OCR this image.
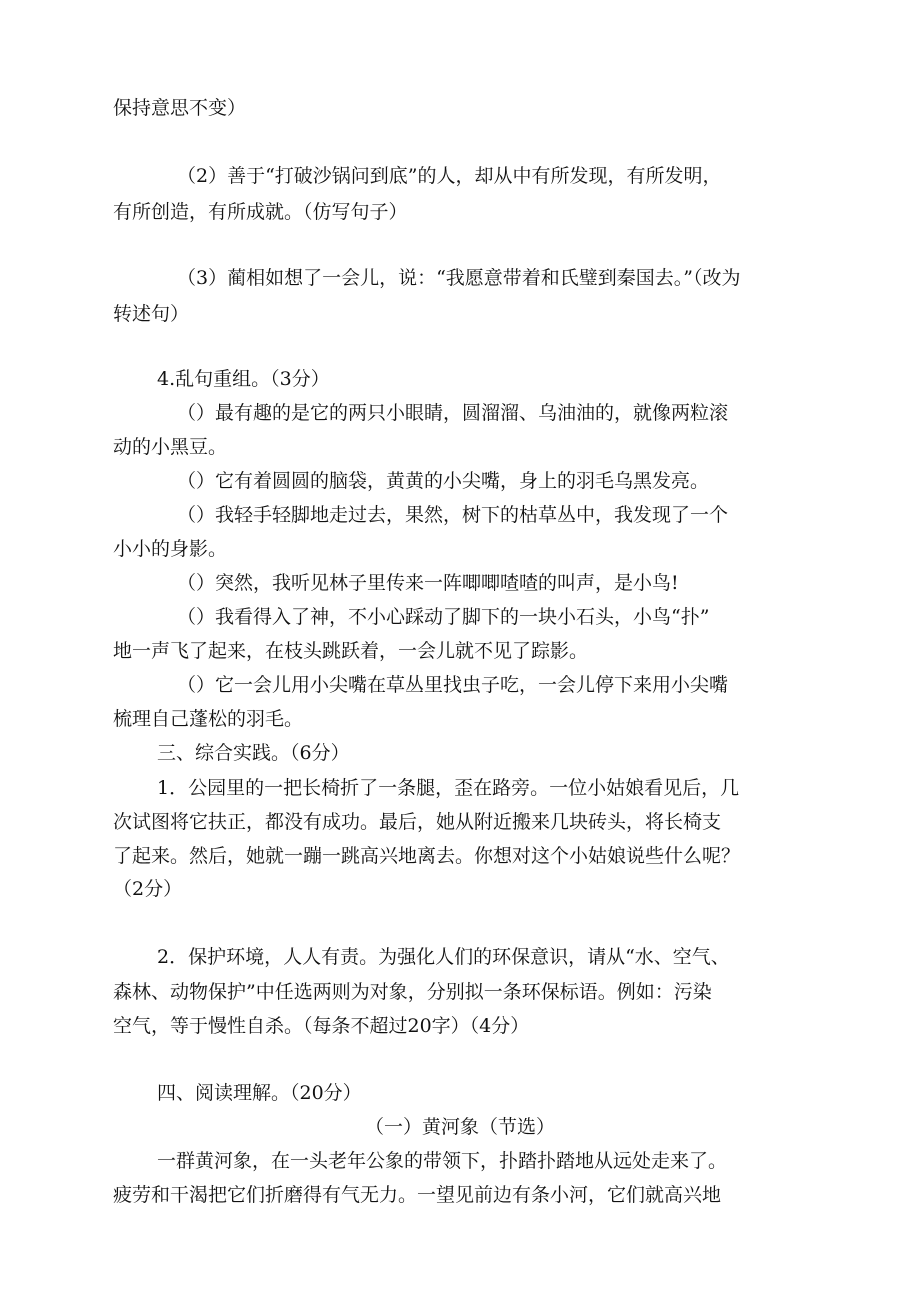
保持意思不变）
（2）善于“打破沙锅问到底”的人，却从中有所发现，有所发明，
有所创造，有所成就。（仿写句子）
（3）蔺相如想了一会儿，说：“我愿意带着和氏璧到秦国去。”（改为
转述句）
4.乱句重组。（3分）
（）最有趣的是它的两只小眼睛，圆溜溜、乌油油的，就像两粒滚
动的小黑豆。
（）它有着圆圆的脑袋，黄黄的小尖嘴，身上的羽毛乌黑发亮。
（）我轻手轻脚地走过去，果然，树下的枯草丛中，我发现了一个
小小的身影。
（）突然，我听见林子里传来一阵唧唧喳喳的叫声，是小鸟!
（）我看得入了神，不小心踩动了脚下的一块小石头，小鸟“扑”
地一声飞了起来，在枝头跳跃着，一会儿就不见了踪影。
（）它一会儿用小尖嘴在草丛里找虫子吃，一会儿停下来用小尖嘴
梳理自己蓬松的羽毛。
三、综合实践。（6分）
1．公园里的一把长椅折了一条腿，歪在路旁。一位小姑娘看见后，几
次试图将它扶正，都没有成功。最后，她从附近搬来几块砖头，将长椅支
了起来。然后，她就一蹦一跳高兴地离去。你想对这个小姑娘说些什么呢？
（2分）
2．保护环境，人人有责。为强化人们的环保意识，请从“水、空气、
森林、动物保护”中任选两则为对象，分别拟一条环保标语。例如：污染
空气，等于慢性自杀。（每条不超过20字）（4分）
四、阅读理解。（20分）
（一）黄河象（节选）
一群黄河象，在一头老年公象的带领下，扑踏扑踏地从远处走来了。
疲劳和干渴把它们折磨得有气无力。一望见前边有条小河，它们就高兴地
